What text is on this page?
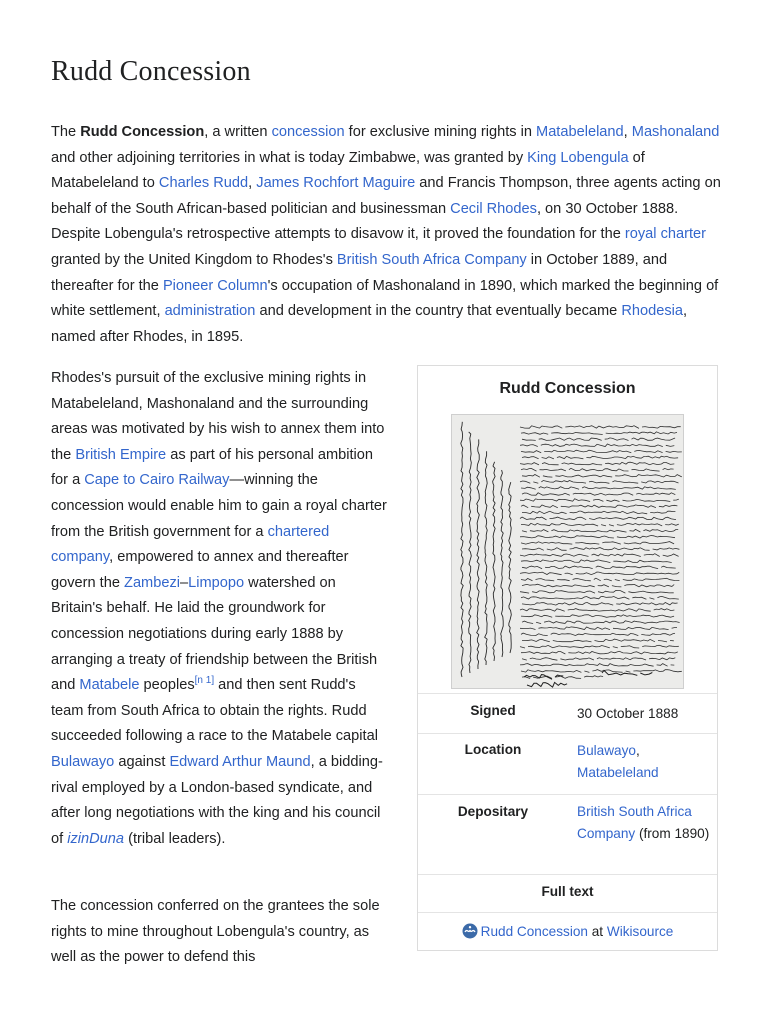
Rudd Concession

The Rudd Concession, a written concession for exclusive mining rights in Matabeleland, Mashonaland and other adjoining territories in what is today Zimbabwe, was granted by King Lobengula of Matabeleland to Charles Rudd, James Rochfort Maguire and Francis Thompson, three agents acting on behalf of the South African-based politician and businessman Cecil Rhodes, on 30 October 1888. Despite Lobengula's retrospective attempts to disavow it, it proved the foundation for the royal charter granted by the United Kingdom to Rhodes's British South Africa Company in October 1889, and thereafter for the Pioneer Column's occupation of Mashonaland in 1890, which marked the beginning of white settlement, administration and development in the country that eventually became Rhodesia, named after Rhodes, in 1895.

Rhodes's pursuit of the exclusive mining rights in Matabeleland, Mashonaland and the surrounding areas was motivated by his wish to annex them into the British Empire as part of his personal ambition for a Cape to Cairo Railway—winning the concession would enable him to gain a royal charter from the British government for a chartered company, empowered to annex and thereafter govern the Zambezi–Limpopo watershed on Britain's behalf. He laid the groundwork for concession negotiations during early 1888 by arranging a treaty of friendship between the British and Matabele peoples[n 1] and then sent Rudd's team from South Africa to obtain the rights. Rudd succeeded following a race to the Matabele capital Bulawayo against Edward Arthur Maund, a bidding-rival employed by a London-based syndicate, and after long negotiations with the king and his council of izinDuna (tribal leaders).

The concession conferred on the grantees the sole rights to mine throughout Lobengula's country, as well as the power to defend this

Rudd Concession
Signed	30 October 1888
Location	Bulawayo,
Matabeleland
Depositary	British South Africa Company (from 1890)
Full text
Rudd Concession at Wikisource
